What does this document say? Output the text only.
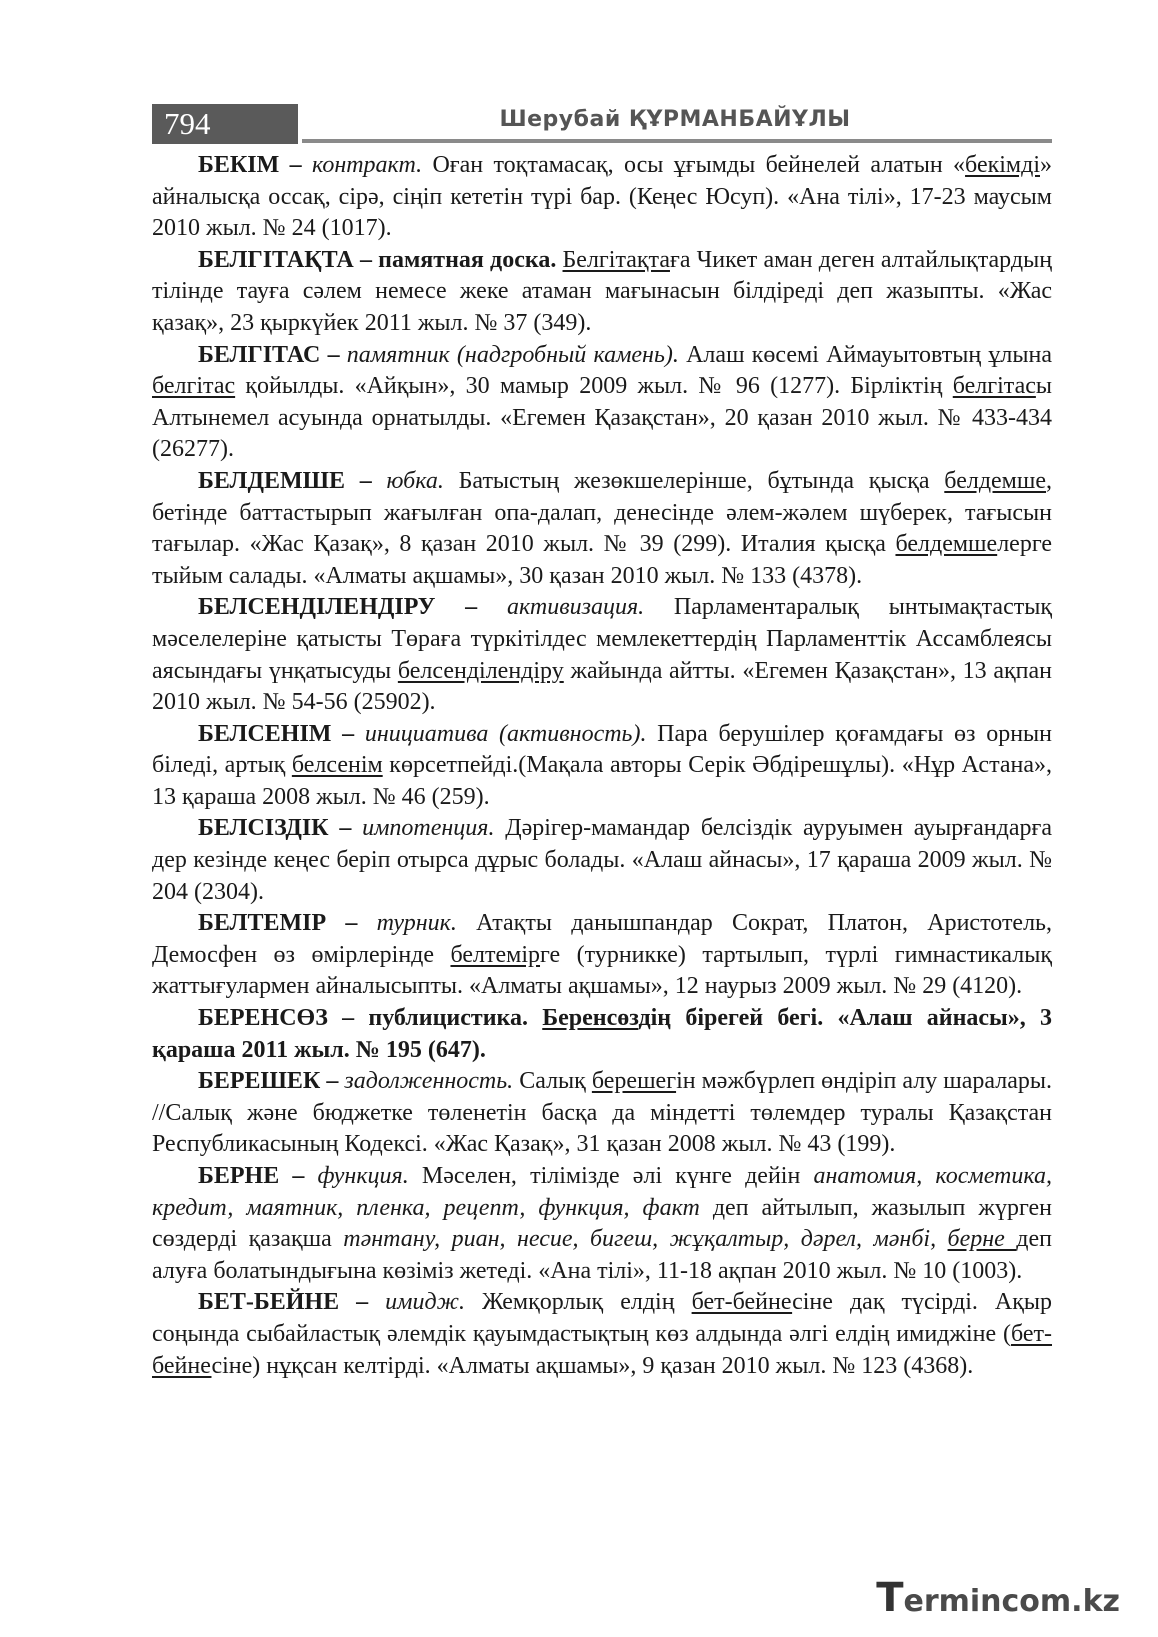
794	Шерубай ҚҰРМАНБАЙҰЛЫ

БЕКІМ – контракт. Оған тоқтамасақ, осы ұғымды бейнелей алатын «бекімді» айналысқа оссақ, сірә, сіңіп кететін түрі бар. (Кеңес Юсуп). «Ана тілі», 17-23 маусым 2010 жыл. № 24 (1017).

БЕЛГІТАҚТА – памятная доска. Белгітақтаға Чикет аман деген алтайлықтардың тілінде тауға сәлем немесе жеке атаман мағынасын білдіреді деп жазыпты. «Жас қазақ», 23 қыркүйек 2011 жыл. № 37 (349).

БЕЛГІТАС – памятник (надгробный камень). Алаш көсемі Аймауытовтың ұлына белгітас қойылды. «Айқын», 30 мамыр 2009 жыл. № 96 (1277). Бірліктің белгітасы Алтынемел асуында орнатылды. «Егемен Қазақстан», 20 қазан 2010 жыл. № 433-434 (26277).

БЕЛДЕМШЕ – юбка. Батыстың жезөкшелерінше, бұтында қысқа белдемше, бетінде баттастырып жағылған опа-далап, денесінде әлем-жәлем шүберек, тағысын тағылар. «Жас Қазақ», 8 қазан 2010 жыл. № 39 (299). Италия қысқа белдемшелерге тыйым салады. «Алматы ақшамы», 30 қазан 2010 жыл. № 133 (4378).

БЕЛСЕНДІЛЕНДІРУ – активизация. Парламентаралық ынтымақтастық мәселелеріне қатысты Төраға түркітілдес мемлекеттердің Парламенттік Ассамблеясы аясындағы үнқатысуды белсенділендіру жайында айтты. «Егемен Қазақстан», 13 ақпан 2010 жыл. № 54-56 (25902).

БЕЛСЕНІМ – инициатива (активность). Пара берушілер қоғамдағы өз орнын біледі, артық белсенім көрсетпейді.(Мақала авторы Серік Әбдірешұлы). «Нұр Астана», 13 қараша 2008 жыл. № 46 (259).

БЕЛСІЗДІК – импотенция. Дәрігер-мамандар белсіздік ауруымен ауырғандарға дер кезінде кеңес беріп отырса дұрыс болады. «Алаш айнасы», 17 қараша 2009 жыл. № 204 (2304).

БЕЛТЕМІР – турник. Атақты данышпандар Сократ, Платон, Аристотель, Демосфен өз өмірлерінде белтемірге (турникке) тартылып, түрлі гимнастикалық жаттығулармен айналысыпты. «Алматы ақшамы», 12 наурыз 2009 жыл. № 29 (4120).

БЕРЕНСӨЗ – публицистика. Беренсөздің бірегей бегі. «Алаш айнасы», 3 қараша 2011 жыл. № 195 (647).

БЕРЕШЕК – задолженность. Салық берешегін мәжбүрлеп өндіріп алу шаралары. //Салық және бюджетке төленетін басқа да міндетті төлемдер туралы Қазақстан Республикасының Кодексі. «Жас Қазақ», 31 қазан 2008 жыл. № 43 (199).

БЕРНЕ – функция. Мәселен, тілімізде әлі күнге дейін анатомия, косметика, кредит, маятник, пленка, рецепт, функция, факт деп айтылып, жазылып жүрген сөздерді қазақша тәнтану, риан, несие, бигеш, жұқалтыр, дәрел, мәнбі, берне деп алуға болатындығына көзіміз жетеді. «Ана тілі», 11-18 ақпан 2010 жыл. № 10 (1003).

БЕТ-БЕЙНЕ – имидж. Жемқорлық елдің бет-бейнесіне дақ түсірді. Ақыр соңында сыбайластық әлемдік қауымдастықтың көз алдында әлгі елдің имиджіне (бет-бейнесіне) нұқсан келтірді. «Алматы ақшамы», 9 қазан 2010 жыл. № 123 (4368).

Termincom.kz
